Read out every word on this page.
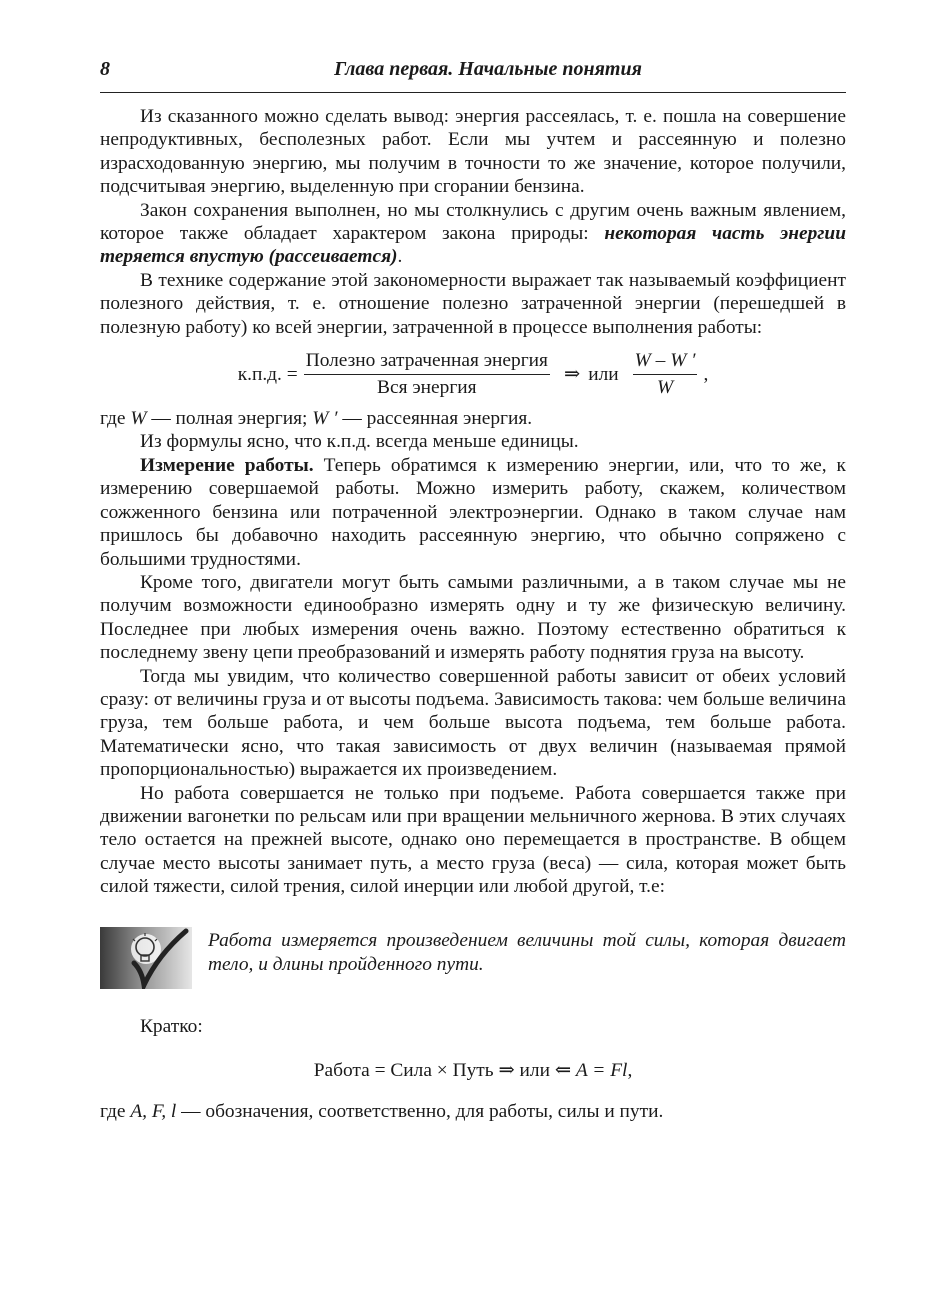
8	Глава первая. Начальные понятия

Из сказанного можно сделать вывод: энергия рассеялась, т. е. пошла на совершение непродуктивных, бесполезных работ. Если мы учтем и рассеянную и полезно израсходованную энергию, мы получим в точности то же значение, которое получили, подсчитывая энергию, выделенную при сгорании бензина.

Закон сохранения выполнен, но мы столкнулись с другим очень важным явлением, которое также обладает характером закона природы: некоторая часть энергии теряется впустую (рассеивается).

В технике содержание этой закономерности выражает так называемый коэффициент полезного действия, т. е. отношение полезно затраченной энергии (перешедшей в полезную работу) ко всей энергии, затраченной в процессе выполнения работы:

к.п.д. = $\frac{\text{Полезно затраченная энергия}}{\text{Вся энергия}}$ ⇒ или $\frac{W - W '}{W}$ ,

где W — полная энергия; W ′ — рассеянная энергия.

Из формулы ясно, что к.п.д. всегда меньше единицы.

Измерение работы. Теперь обратимся к измерению энергии, или, что то же, к измерению совершаемой работы. Можно измерить работу, скажем, количеством сожженного бензина или потраченной электроэнергии. Однако в таком случае нам пришлось бы добавочно находить рассеянную энергию, что обычно сопряжено с большими трудностями.

Кроме того, двигатели могут быть самыми различными, а в таком случае мы не получим возможности единообразно измерять одну и ту же физическую величину. Последнее при любых измерения очень важно. Поэтому естественно обратиться к последнему звену цепи преобразований и измерять работу поднятия груза на высоту.

Тогда мы увидим, что количество совершенной работы зависит от обеих условий сразу: от величины груза и от высоты подъема. Зависимость такова: чем больше величина груза, тем больше работа, и чем больше высота подъема, тем больше работа. Математически ясно, что такая зависимость от двух величин (называемая прямой пропорциональностью) выражается их произведением.

Но работа совершается не только при подъеме. Работа совершается также при движении вагонетки по рельсам или при вращении мельничного жернова. В этих случаях тело остается на прежней высоте, однако оно перемещается в пространстве. В общем случае место высоты занимает путь, а место груза (веса) — сила, которая может быть силой тяжести, силой трения, силой инерции или любой другой, т.е:

Работа измеряется произведением величины той силы, которая двигает тело, и длины пройденного пути.

Кратко:

Работа = Сила × Путь ⇒ или ⇐ A = Fl,

где A, F, l — обозначения, соответственно, для работы, силы и пути.
